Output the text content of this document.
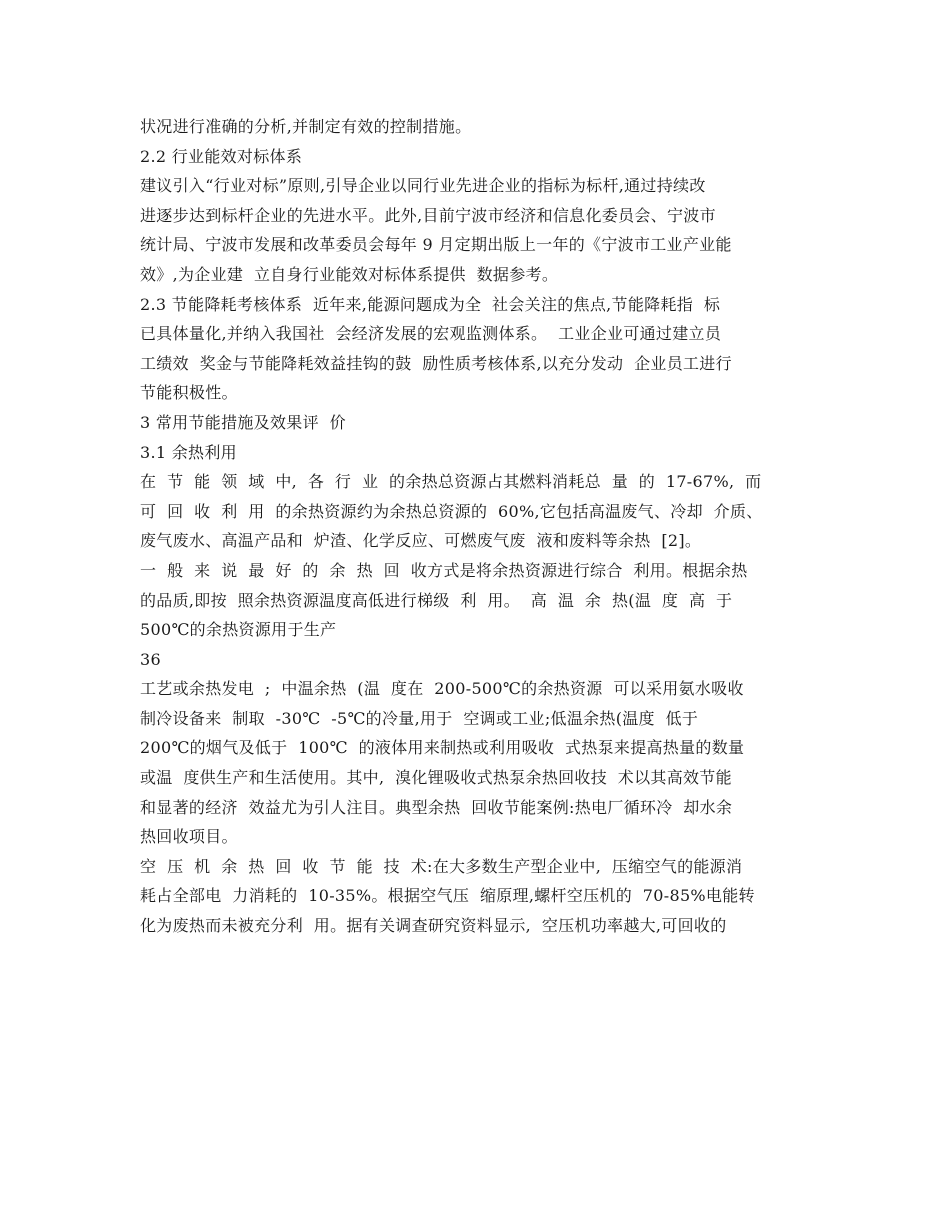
状况进行准确的分析,并制定有效的控制措施。
2.2 行业能效对标体系
建议引入“行业对标”原则,引导企业以同行业先进企业的指标为标杆,通过持续改
进逐步达到标杆企业的先进水平。此外,目前宁波市经济和信息化委员会、宁波市
统计局、宁波市发展和改革委员会每年 9 月定期出版上一年的《宁波市工业产业能
效》,为企业建  立自身行业能效对标体系提供  数据参考。
2.3 节能降耗考核体系  近年来,能源问题成为全  社会关注的焦点,节能降耗指  标
已具体量化,并纳入我国社  会经济发展的宏观监测体系。  工业企业可通过建立员
工绩效  奖金与节能降耗效益挂钩的鼓  励性质考核体系,以充分发动  企业员工进行
节能积极性。
3 常用节能措施及效果评  价
3.1 余热利用
在  节  能  领  域  中,  各  行  业  的余热总资源占其燃料消耗总  量  的  17-67%,  而
可  回  收  利  用  的余热资源约为余热总资源的  60%,它包括高温废气、冷却  介质、
废气废水、高温产品和  炉渣、化学反应、可燃废气废  液和废料等余热  [2]。
一  般  来  说  最  好  的  余  热  回  收方式是将余热资源进行综合  利用。根据余热
的品质,即按  照余热资源温度高低进行梯级  利  用。  高  温  余  热(温  度  高  于
500℃的余热资源用于生产
36
工艺或余热发电  ;  中温余热  (温  度在  200-500℃的余热资源  可以采用氨水吸收
制冷设备来  制取  -30℃  -5℃的冷量,用于  空调或工业;低温余热(温度  低于
200℃的烟气及低于  100℃  的液体用来制热或利用吸收  式热泵来提高热量的数量
或温  度供生产和生活使用。其中,  溴化锂吸收式热泵余热回收技  术以其高效节能
和显著的经济  效益尤为引人注目。典型余热  回收节能案例:热电厂循环冷  却水余
热回收项目。
空  压  机  余  热  回  收  节  能  技  术:在大多数生产型企业中,  压缩空气的能源消
耗占全部电  力消耗的  10-35%。根据空气压  缩原理,螺杆空压机的  70-85%电能转
化为废热而未被充分利  用。据有关调查研究资料显示,  空压机功率越大,可回收的
